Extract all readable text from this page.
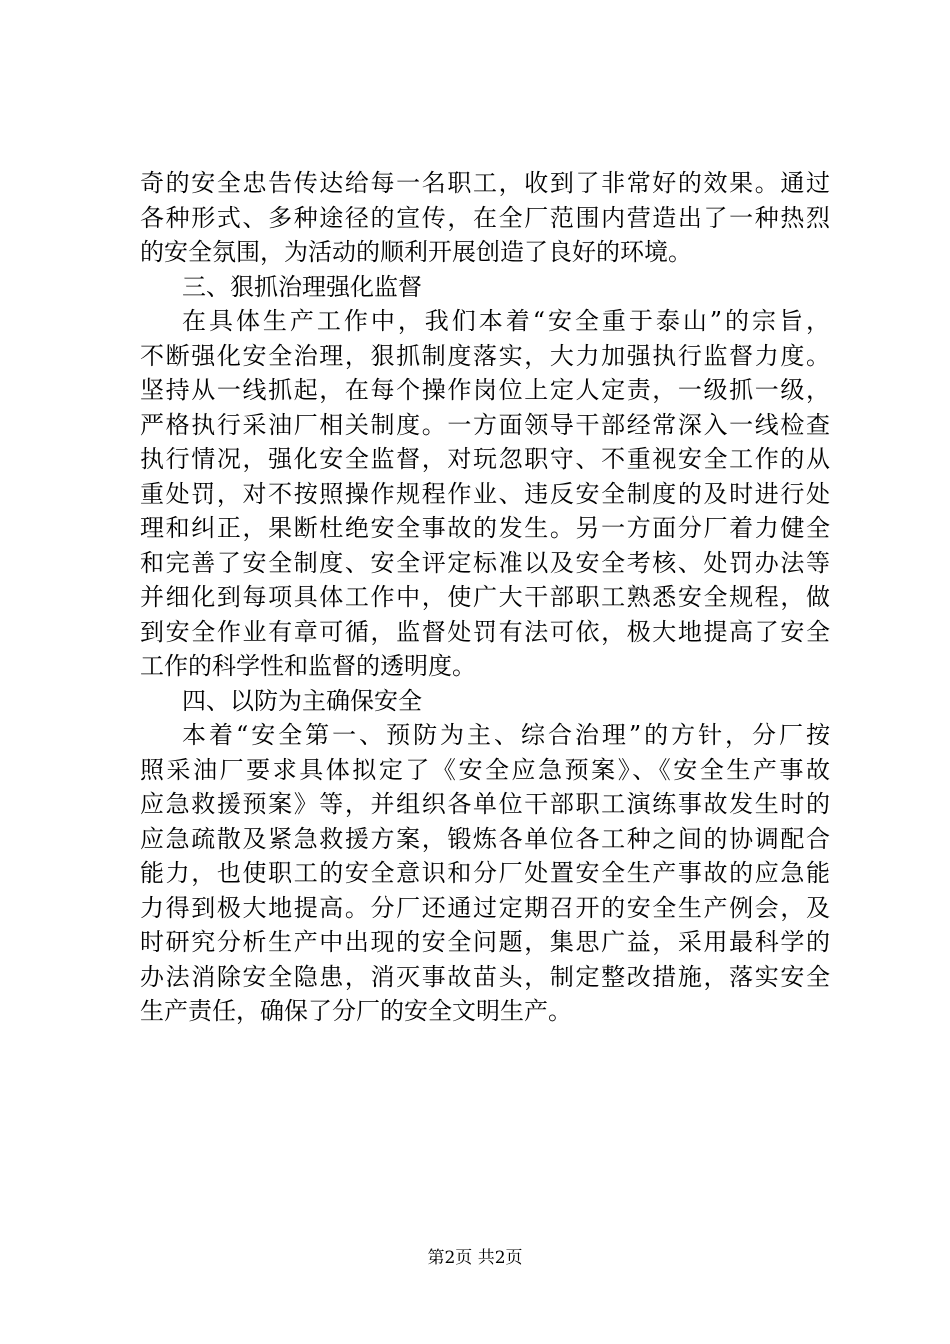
奇的安全忠告传达给每一名职工，收到了非常好的效果。通过
各种形式、多种途径的宣传，在全厂范围内营造出了一种热烈
的安全氛围，为活动的顺利开展创造了良好的环境。
三、狠抓治理强化监督
在具体生产工作中，我们本着“安全重于泰山”的宗旨，
不断强化安全治理，狠抓制度落实，大力加强执行监督力度。
坚持从一线抓起，在每个操作岗位上定人定责，一级抓一级，
严格执行采油厂相关制度。一方面领导干部经常深入一线检查
执行情况，强化安全监督，对玩忽职守、不重视安全工作的从
重处罚，对不按照操作规程作业、违反安全制度的及时进行处
理和纠正，果断杜绝安全事故的发生。另一方面分厂着力健全
和完善了安全制度、安全评定标准以及安全考核、处罚办法等
并细化到每项具体工作中，使广大干部职工熟悉安全规程，做
到安全作业有章可循，监督处罚有法可依，极大地提高了安全
工作的科学性和监督的透明度。
四、以防为主确保安全
本着“安全第一、预防为主、综合治理”的方针，分厂按
照采油厂要求具体拟定了《安全应急预案》、《安全生产事故
应急救援预案》等，并组织各单位干部职工演练事故发生时的
应急疏散及紧急救援方案，锻炼各单位各工种之间的协调配合
能力，也使职工的安全意识和分厂处置安全生产事故的应急能
力得到极大地提高。分厂还通过定期召开的安全生产例会，及
时研究分析生产中出现的安全问题，集思广益，采用最科学的
办法消除安全隐患，消灭事故苗头，制定整改措施，落实安全
生产责任，确保了分厂的安全文明生产。
第2页 共2页
